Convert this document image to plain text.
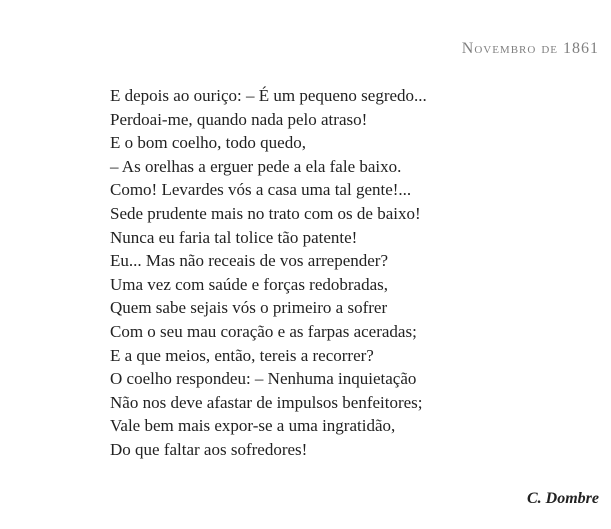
Novembro de 1861
E depois ao ouriço: – É um pequeno segredo...
Perdoai-me, quando nada pelo atraso!
E o bom coelho, todo quedo,
– As orelhas a erguer pede a ela fale baixo.
Como! Levardes vós a casa uma tal gente!...
Sede prudente mais no trato com os de baixo!
Nunca eu faria tal tolice tão patente!
Eu... Mas não receais de vos arrepender?
Uma vez com saúde e forças redobradas,
Quem sabe sejais vós o primeiro a sofrer
Com o seu mau coração e as farpas aceradas;
E a que meios, então, tereis a recorrer?
O coelho respondeu: – Nenhuma inquietação
Não nos deve afastar de impulsos benfeitores;
Vale bem mais expor-se a uma ingratidão,
Do que faltar aos sofredores!
C. Dombre
